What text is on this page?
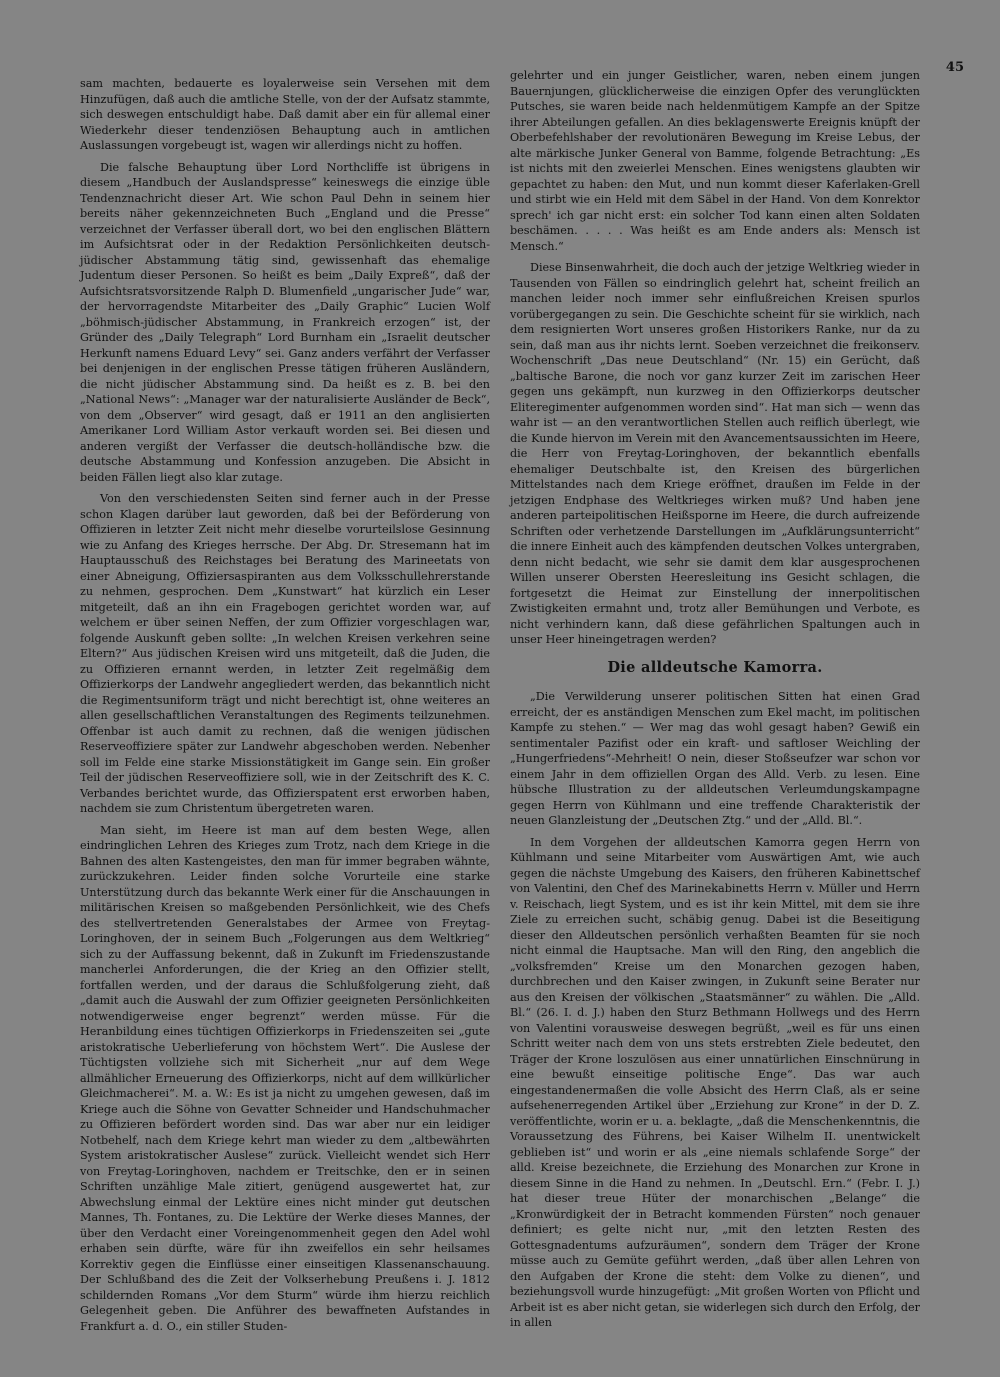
45

sam machten, bedauerte es loyalerweise sein Versehen mit dem Hinzufügen, daß auch die amtliche Stelle, von der der Aufsatz stammte, sich deswegen entschuldigt habe. Daß damit aber ein für allemal einer Wiederkehr dieser tendenziösen Behauptung auch in amtlichen Auslassungen vorgebeugt ist, wagen wir allerdings nicht zu hoffen.

Die falsche Behauptung über Lord Northcliffe ist übrigens in diesem „Handbuch der Auslandspresse“ keineswegs die einzige üble Tendenznachricht dieser Art. Wie schon Paul Dehn in seinem hier bereits näher gekennzeichneten Buch „England und die Presse“ verzeichnet der Verfasser überall dort, wo bei den englischen Blättern im Aufsichtsrat oder in der Redaktion Persönlichkeiten deutsch-jüdischer Abstammung tätig sind, gewissenhaft das ehemalige Judentum dieser Personen. So heißt es beim „Daily Expreß“, daß der Aufsichtsratsvorsitzende Ralph D. Blumenfield „ungarischer Jude“ war, der hervorragendste Mitarbeiter des „Daily Graphic“ Lucien Wolf „böhmisch-jüdischer Abstammung, in Frankreich erzogen“ ist, der Gründer des „Daily Telegraph“ Lord Burnham ein „Israelit deutscher Herkunft namens Eduard Levy“ sei. Ganz anders verfährt der Verfasser bei denjenigen in der englischen Presse tätigen früheren Ausländern, die nicht jüdischer Abstammung sind. Da heißt es z. B. bei den „National News“: „Manager war der naturalisierte Ausländer de Beck“, von dem „Observer“ wird gesagt, daß er 1911 an den anglisierten Amerikaner Lord William Astor verkauft worden sei. Bei diesen und anderen vergißt der Verfasser die deutsch-holländische bzw. die deutsche Abstammung und Konfession anzugeben. Die Absicht in beiden Fällen liegt also klar zutage.

Von den verschiedensten Seiten sind ferner auch in der Presse schon Klagen darüber laut geworden, daß bei der Beförderung von Offizieren in letzter Zeit nicht mehr dieselbe vorurteilslose Gesinnung wie zu Anfang des Krieges herrsche. Der Abg. Dr. Stresemann hat im Hauptausschuß des Reichstages bei Beratung des Marineetats von einer Abneigung, Offiziersaspiranten aus dem Volksschullehrerstande zu nehmen, gesprochen. Dem „Kunstwart“ hat kürzlich ein Leser mitgeteilt, daß an ihn ein Fragebogen gerichtet worden war, auf welchem er über seinen Neffen, der zum Offizier vorgeschlagen war, folgende Auskunft geben sollte: „In welchen Kreisen verkehren seine Eltern?“ Aus jüdischen Kreisen wird uns mitgeteilt, daß die Juden, die zu Offizieren ernannt werden, in letzter Zeit regelmäßig dem Offizierkorps der Landwehr angegliedert werden, das bekanntlich nicht die Regimentsuniform trägt und nicht berechtigt ist, ohne weiteres an allen gesellschaftlichen Veranstaltungen des Regiments teilzunehmen. Offenbar ist auch damit zu rechnen, daß die wenigen jüdischen Reserveoffiziere später zur Landwehr abgeschoben werden. Nebenher soll im Felde eine starke Missionstätigkeit im Gange sein. Ein großer Teil der jüdischen Reserveoffiziere soll, wie in der Zeitschrift des K. C. Verbandes berichtet wurde, das Offizierspatent erst erworben haben, nachdem sie zum Christentum übergetreten waren.

Man sieht, im Heere ist man auf dem besten Wege, allen eindringlichen Lehren des Krieges zum Trotz, nach dem Kriege in die Bahnen des alten Kastengeistes, den man für immer begraben wähnte, zurückzukehren. Leider finden solche Vorurteile eine starke Unterstützung durch das bekannte Werk einer für die Anschauungen in militärischen Kreisen so maßgebenden Persönlichkeit, wie des Chefs des stellvertretenden Generalstabes der Armee von Freytag-Loringhoven, der in seinem Buch „Folgerungen aus dem Weltkrieg“ sich zu der Auffassung bekennt, daß in Zukunft im Friedenszustande mancherlei Anforderungen, die der Krieg an den Offizier stellt, fortfallen werden, und der daraus die Schlußfolgerung zieht, daß „damit auch die Auswahl der zum Offizier geeigneten Persönlichkeiten notwendigerweise enger begrenzt“ werden müsse. Für die Heranbildung eines tüchtigen Offizierkorps in Friedenszeiten sei „gute aristokratische Ueberlieferung von höchstem Wert“. Die Auslese der Tüchtigsten vollziehe sich mit Sicherheit „nur auf dem Wege allmählicher Erneuerung des Offizierkorps, nicht auf dem willkürlicher Gleichmacherei“. M. a. W.: Es ist ja nicht zu umgehen gewesen, daß im Kriege auch die Söhne von Gevatter Schneider und Handschuhmacher zu Offizieren befördert worden sind. Das war aber nur ein leidiger Notbehelf, nach dem Kriege kehrt man wieder zu dem „altbewährten System aristokratischer Auslese“ zurück. Vielleicht wendet sich Herr von Freytag-Loringhoven, nachdem er Treitschke, den er in seinen Schriften unzählige Male zitiert, genügend ausgewertet hat, zur Abwechslung einmal der Lektüre eines nicht minder gut deutschen Mannes, Th. Fontanes, zu. Die Lektüre der Werke dieses Mannes, der über den Verdacht einer Voreingenommenheit gegen den Adel wohl erhaben sein dürfte, wäre für ihn zweifellos ein sehr heilsames Korrektiv gegen die Einflüsse einer einseitigen Klassenanschauung. Der Schlußband des die Zeit der Volkserhebung Preußens i. J. 1812 schildernden Romans „Vor dem Sturm“ würde ihm hierzu reichlich Gelegenheit geben. Die Anführer des bewaffneten Aufstandes in Frankfurt a. d. O., ein stiller Studen-

gelehrter und ein junger Geistlicher, waren, neben einem jungen Bauernjungen, glücklicherweise die einzigen Opfer des verunglückten Putsches, sie waren beide nach heldenmütigem Kampfe an der Spitze ihrer Abteilungen gefallen. An dies beklagenswerte Ereignis knüpft der Oberbefehlshaber der revolutionären Bewegung im Kreise Lebus, der alte märkische Junker General von Bamme, folgende Betrachtung: „Es ist nichts mit den zweierlei Menschen. Eines wenigstens glaubten wir gepachtet zu haben: den Mut, und nun kommt dieser Kaferlaken-Grell und stirbt wie ein Held mit dem Säbel in der Hand. Von dem Konrektor sprech' ich gar nicht erst: ein solcher Tod kann einen alten Soldaten beschämen. . . . . Was heißt es am Ende anders als: Mensch ist Mensch.“

Diese Binsenwahrheit, die doch auch der jetzige Weltkrieg wieder in Tausenden von Fällen so eindringlich gelehrt hat, scheint freilich an manchen leider noch immer sehr einflußreichen Kreisen spurlos vorübergegangen zu sein. Die Geschichte scheint für sie wirklich, nach dem resignierten Wort unseres großen Historikers Ranke, nur da zu sein, daß man aus ihr nichts lernt. Soeben verzeichnet die freikonserv. Wochenschrift „Das neue Deutschland“ (Nr. 15) ein Gerücht, daß „baltische Barone, die noch vor ganz kurzer Zeit im zarischen Heer gegen uns gekämpft, nun kurzweg in den Offizierkorps deutscher Eliteregimenter aufgenommen worden sind“. Hat man sich — wenn das wahr ist — an den verantwortlichen Stellen auch reiflich überlegt, wie die Kunde hiervon im Verein mit den Avancementsaussichten im Heere, die Herr von Freytag-Loringhoven, der bekanntlich ebenfalls ehemaliger Deutschbalte ist, den Kreisen des bürgerlichen Mittelstandes nach dem Kriege eröffnet, draußen im Felde in der jetzigen Endphase des Weltkrieges wirken muß? Und haben jene anderen parteipolitischen Heißsporne im Heere, die durch aufreizende Schriften oder verhetzende Darstellungen im „Aufklärungsunterricht“ die innere Einheit auch des kämpfenden deutschen Volkes untergraben, denn nicht bedacht, wie sehr sie damit dem klar ausgesprochenen Willen unserer Obersten Heeresleitung ins Gesicht schlagen, die fortgesetzt die Heimat zur Einstellung der innerpolitischen Zwistigkeiten ermahnt und, trotz aller Bemühungen und Verbote, es nicht verhindern kann, daß diese gefährlichen Spaltungen auch in unser Heer hineingetragen werden?

Die alldeutsche Kamorra.

„Die Verwilderung unserer politischen Sitten hat einen Grad erreicht, der es anständigen Menschen zum Ekel macht, im politischen Kampfe zu stehen.“ — Wer mag das wohl gesagt haben? Gewiß ein sentimentaler Pazifist oder ein kraft- und saftloser Weichling der „Hungerfriedens“-Mehrheit! O nein, dieser Stoßseufzer war schon vor einem Jahr in dem offiziellen Organ des Alld. Verb. zu lesen. Eine hübsche Illustration zu der alldeutschen Verleumdungskampagne gegen Herrn von Kühlmann und eine treffende Charakteristik der neuen Glanzleistung der „Deutschen Ztg.“ und der „Alld. Bl.“.

In dem Vorgehen der alldeutschen Kamorra gegen Herrn von Kühlmann und seine Mitarbeiter vom Auswärtigen Amt, wie auch gegen die nächste Umgebung des Kaisers, den früheren Kabinettschef von Valentini, den Chef des Marinekabinetts Herrn v. Müller und Herrn v. Reischach, liegt System, und es ist ihr kein Mittel, mit dem sie ihre Ziele zu erreichen sucht, schäbig genug. Dabei ist die Beseitigung dieser den Alldeutschen persönlich verhaßten Beamten für sie noch nicht einmal die Hauptsache. Man will den Ring, den angeblich die „volksfremden“ Kreise um den Monarchen gezogen haben, durchbrechen und den Kaiser zwingen, in Zukunft seine Berater nur aus den Kreisen der völkischen „Staatsmänner“ zu wählen. Die „Alld. Bl.“ (26. I. d. J.) haben den Sturz Bethmann Hollwegs und des Herrn von Valentini vorausweise deswegen begrüßt, „weil es für uns einen Schritt weiter nach dem von uns stets erstrebten Ziele bedeutet, den Träger der Krone loszulösen aus einer unnatürlichen Einschnürung in eine bewußt einseitige politische Enge“. Das war auch eingestandenermaßen die volle Absicht des Herrn Claß, als er seine aufsehenerregenden Artikel über „Erziehung zur Krone“ in der D. Z. veröffentlichte, worin er u. a. beklagte, „daß die Menschenkenntnis, die Voraussetzung des Führens, bei Kaiser Wilhelm II. unentwickelt geblieben ist“ und worin er als „eine niemals schlafende Sorge“ der alld. Kreise bezeichnete, die Erziehung des Monarchen zur Krone in diesem Sinne in die Hand zu nehmen. In „Deutschl. Ern.“ (Febr. I. J.) hat dieser treue Hüter der monarchischen „Belange“ die „Kronwürdigkeit der in Betracht kommenden Fürsten“ noch genauer definiert; es gelte nicht nur, „mit den letzten Resten des Gottesgnadentums aufzuräumen“, sondern dem Träger der Krone müsse auch zu Gemüte geführt werden, „daß über allen Lehren von den Aufgaben der Krone die steht: dem Volke zu dienen“, und beziehungsvoll wurde hinzugefügt: „Mit großen Worten von Pflicht und Arbeit ist es aber nicht getan, sie widerlegen sich durch den Erfolg, der in allen
